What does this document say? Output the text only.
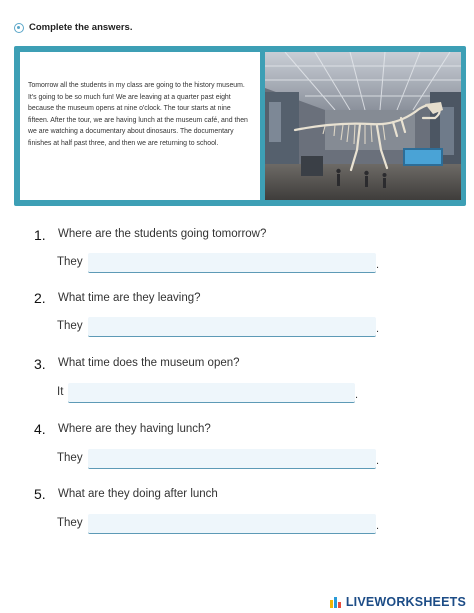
Complete the answers.

Tomorrow all the students in my class are going to the history museum. It's going to be so much fun! We are leaving at a quarter past eight because the museum opens at nine o'clock. The tour starts at nine fifteen. After the tour, we are having lunch at the museum café, and then we are watching a documentary about dinosaurs. The documentary finishes at half past three, and then we are returning to school.

1. Where are the students going tomorrow?
They	.
2. What time are they leaving?
They	.
3. What time does the museum open?
It	.
4. Where are they having lunch?
They	.
5. What are they doing after lunch
They	.
LIVEWORKSHEETS
